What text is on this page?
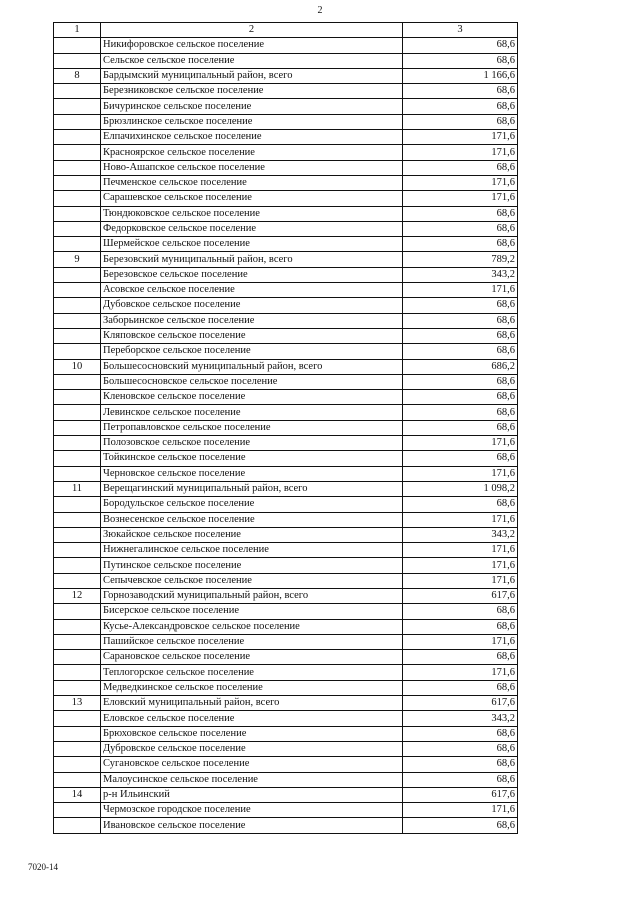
2
1	2	3
	Никифоровское сельское поселение	68,6
	Сельское сельское поселение	68,6
8	Бардымский муниципальный район, всего	1 166,6
	Березниковское сельское поселение	68,6
	Бичуринское сельское поселение	68,6
	Брюзлинское сельское поселение	68,6
	Елпачихинское сельское поселение	171,6
	Красноярское сельское поселение	171,6
	Ново-Ашапское сельское поселение	68,6
	Печменское сельское поселение	171,6
	Сарашевское сельское поселение	171,6
	Тюндюковское сельское поселение	68,6
	Федорковское сельское поселение	68,6
	Шермейское сельское поселение	68,6
9	Березовский муниципальный район, всего	789,2
	Березовское сельское поселение	343,2
	Асовское сельское поселение	171,6
	Дубовское сельское поселение	68,6
	Заборьинское сельское поселение	68,6
	Кляповское сельское поселение	68,6
	Переборское сельское поселение	68,6
10	Большесосновский муниципальный район, всего	686,2
	Большесосновское сельское поселение	68,6
	Кленовское сельское поселение	68,6
	Левинское сельское поселение	68,6
	Петропавловское сельское поселение	68,6
	Полозовское сельское поселение	171,6
	Тойкинское сельское поселение	68,6
	Черновское сельское поселение	171,6
11	Верещагинский муниципальный район, всего	1 098,2
	Бородульское сельское поселение	68,6
	Вознесенское сельское поселение	171,6
	Зюкайское сельское поселение	343,2
	Нижнегалинское сельское поселение	171,6
	Путинское сельское поселение	171,6
	Сепычевское сельское поселение	171,6
12	Горнозаводский муниципальный район, всего	617,6
	Бисерское сельское поселение	68,6
	Кусье-Александровское сельское поселение	68,6
	Пашийское сельское поселение	171,6
	Сарановское сельское поселение	68,6
	Теплогорское сельское поселение	171,6
	Медведкинское сельское поселение	68,6
13	Еловский муниципальный район, всего	617,6
	Еловское сельское поселение	343,2
	Брюховское сельское поселение	68,6
	Дубровское сельское поселение	68,6
	Сугановское сельское поселение	68,6
	Малоусинское сельское поселение	68,6
14	р-н Ильинский	617,6
	Чермозское городское поселение	171,6
	Ивановское сельское поселение	68,6
7020-14
